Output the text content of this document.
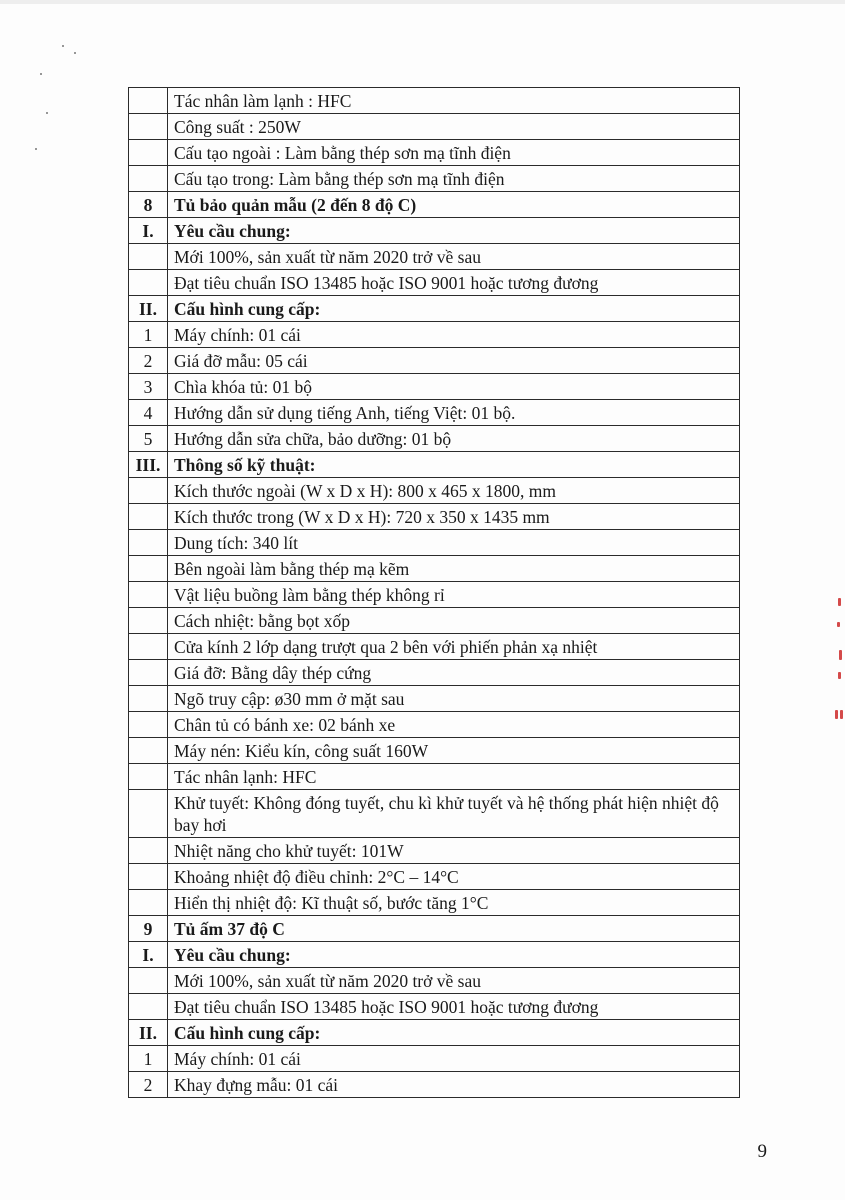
	Tác nhân làm lạnh : HFC
	Công suất : 250W
	Cấu tạo ngoài : Làm bằng thép sơn mạ tĩnh điện
	Cấu tạo trong: Làm bằng thép sơn mạ tĩnh điện
8	Tủ bảo quản mẫu (2 đến 8 độ C)
I.	Yêu cầu chung:
	Mới 100%, sản xuất từ năm 2020 trở về sau
	Đạt tiêu chuẩn ISO 13485 hoặc ISO 9001 hoặc tương đương
II.	Cấu hình cung cấp:
1	Máy chính: 01 cái
2	Giá đỡ mẫu: 05 cái
3	Chìa khóa tủ: 01 bộ
4	Hướng dẫn sử dụng tiếng Anh, tiếng Việt: 01 bộ.
5	Hướng dẫn sửa chữa, bảo dưỡng: 01 bộ
III.	Thông số kỹ thuật:
	Kích thước ngoài (W x D x H): 800 x 465 x 1800, mm
	Kích thước trong (W x D x H): 720 x 350 x 1435 mm
	Dung tích: 340 lít
	Bên ngoài làm bằng thép mạ kẽm
	Vật liệu buồng làm bằng thép không rỉ
	Cách nhiệt: bằng bọt xốp
	Cửa kính 2 lớp dạng trượt qua 2 bên với phiến phản xạ nhiệt
	Giá đỡ: Bằng dây thép cứng
	Ngõ truy cập: ø30 mm ở mặt sau
	Chân tủ có bánh xe: 02 bánh xe
	Máy nén: Kiểu kín, công suất 160W
	Tác nhân lạnh: HFC
	Khử tuyết: Không đóng tuyết, chu kì khử tuyết và hệ thống phát hiện nhiệt độ bay hơi
	Nhiệt năng cho khử tuyết: 101W
	Khoảng nhiệt độ điều chỉnh: 2°C – 14°C
	Hiển thị nhiệt độ: Kĩ thuật số, bước tăng 1°C
9	Tủ ấm 37 độ C
I.	Yêu cầu chung:
	Mới 100%, sản xuất từ năm 2020 trở về sau
	Đạt tiêu chuẩn ISO 13485 hoặc ISO 9001 hoặc tương đương
II.	Cấu hình cung cấp:
1	Máy chính: 01 cái
2	Khay đựng mẫu: 01 cái
9
